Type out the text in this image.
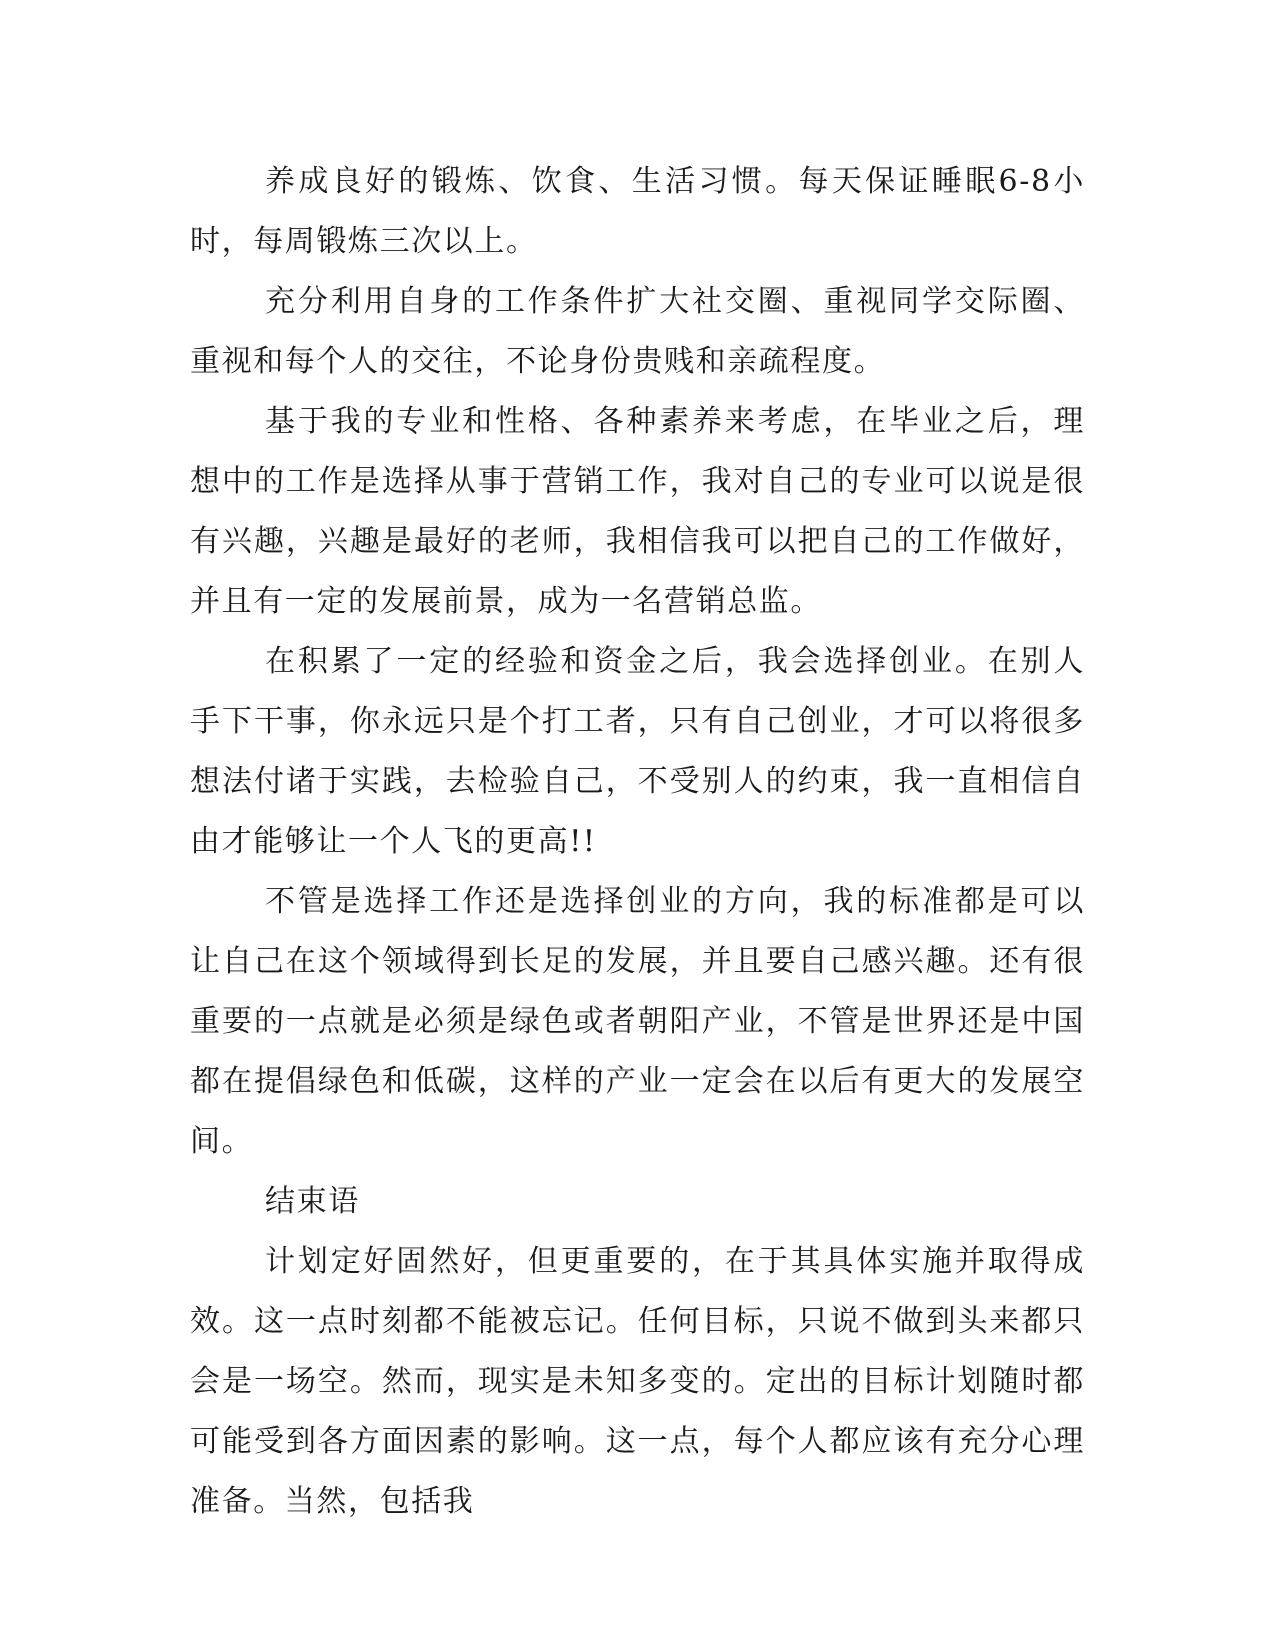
养成良好的锻炼、饮食、生活习惯。每天保证睡眠6-8小时，每周锻炼三次以上。

充分利用自身的工作条件扩大社交圈、重视同学交际圈、重视和每个人的交往，不论身份贵贱和亲疏程度。

基于我的专业和性格、各种素养来考虑，在毕业之后，理想中的工作是选择从事于营销工作，我对自己的专业可以说是很有兴趣，兴趣是最好的老师，我相信我可以把自己的工作做好，并且有一定的发展前景，成为一名营销总监。

在积累了一定的经验和资金之后，我会选择创业。在别人手下干事，你永远只是个打工者，只有自己创业，才可以将很多想法付诸于实践，去检验自己，不受别人的约束，我一直相信自由才能够让一个人飞的更高!!

不管是选择工作还是选择创业的方向，我的标准都是可以让自己在这个领域得到长足的发展，并且要自己感兴趣。还有很重要的一点就是必须是绿色或者朝阳产业，不管是世界还是中国都在提倡绿色和低碳，这样的产业一定会在以后有更大的发展空间。

结束语

计划定好固然好，但更重要的，在于其具体实施并取得成效。这一点时刻都不能被忘记。任何目标，只说不做到头来都只会是一场空。然而，现实是未知多变的。定出的目标计划随时都可能受到各方面因素的影响。这一点，每个人都应该有充分心理准备。当然，包括我
